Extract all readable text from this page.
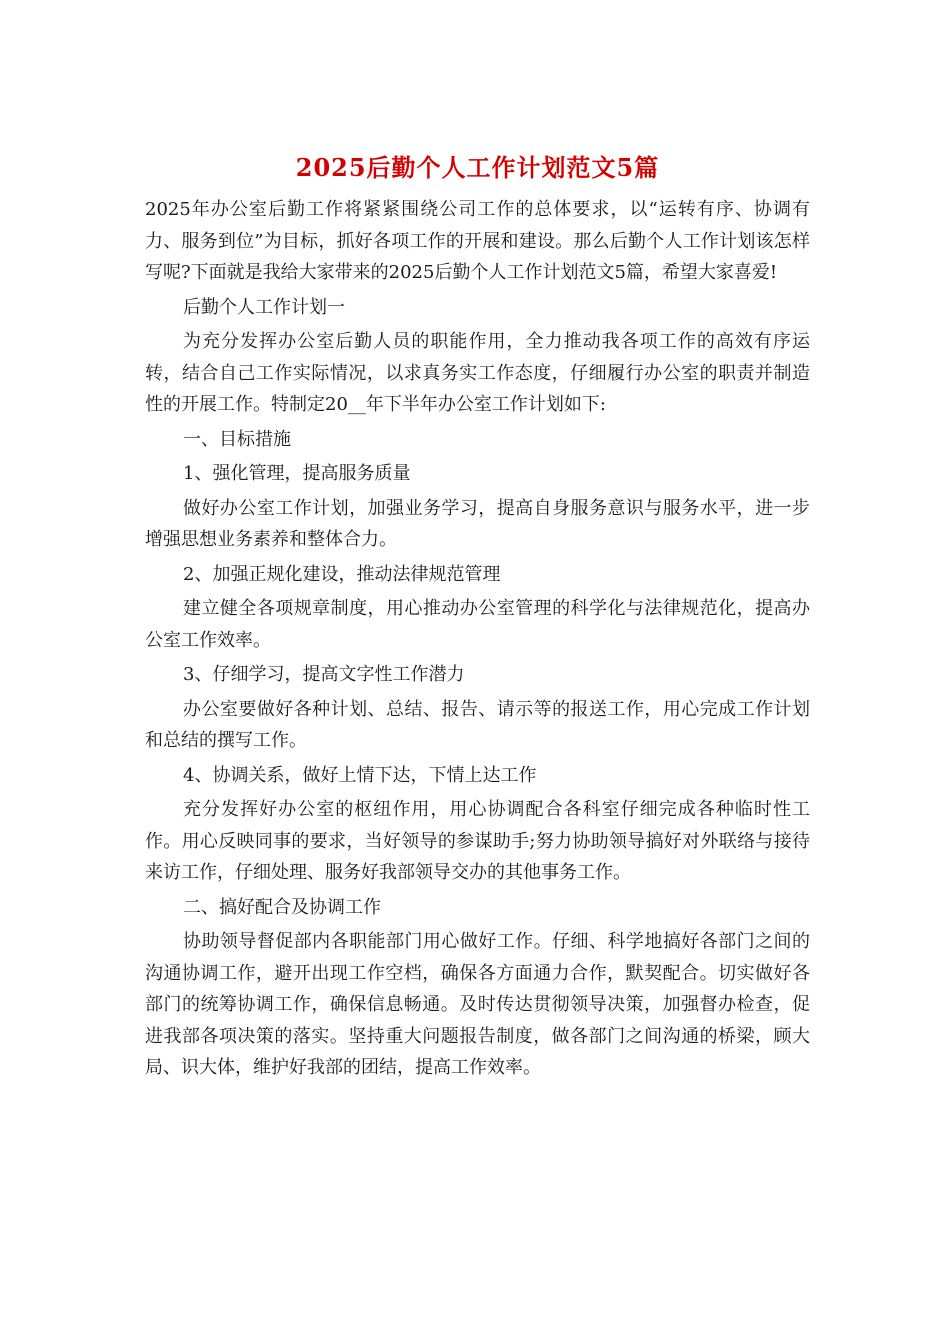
2025后勤个人工作计划范文5篇

2025年办公室后勤工作将紧紧围绕公司工作的总体要求，以“运转有序、协调有力、服务到位”为目标，抓好各项工作的开展和建设。那么后勤个人工作计划该怎样写呢?下面就是我给大家带来的2025后勤个人工作计划范文5篇，希望大家喜爱!

后勤个人工作计划一

为充分发挥办公室后勤人员的职能作用，全力推动我各项工作的高效有序运转，结合自己工作实际情况，以求真务实工作态度，仔细履行办公室的职责并制造性的开展工作。特制定20__年下半年办公室工作计划如下:

一、目标措施

1、强化管理，提高服务质量

做好办公室工作计划，加强业务学习，提高自身服务意识与服务水平，进一步增强思想业务素养和整体合力。

2、加强正规化建设，推动法律规范管理

建立健全各项规章制度，用心推动办公室管理的科学化与法律规范化，提高办公室工作效率。

3、仔细学习，提高文字性工作潜力

办公室要做好各种计划、总结、报告、请示等的报送工作，用心完成工作计划和总结的撰写工作。

4、协调关系，做好上情下达，下情上达工作

充分发挥好办公室的枢纽作用，用心协调配合各科室仔细完成各种临时性工作。用心反映同事的要求，当好领导的参谋助手;努力协助领导搞好对外联络与接待来访工作，仔细处理、服务好我部领导交办的其他事务工作。

二、搞好配合及协调工作

协助领导督促部内各职能部门用心做好工作。仔细、科学地搞好各部门之间的沟通协调工作，避开出现工作空档，确保各方面通力合作，默契配合。切实做好各部门的统筹协调工作，确保信息畅通。及时传达贯彻领导决策，加强督办检查，促进我部各项决策的落实。坚持重大问题报告制度，做各部门之间沟通的桥梁，顾大局、识大体，维护好我部的团结，提高工作效率。
